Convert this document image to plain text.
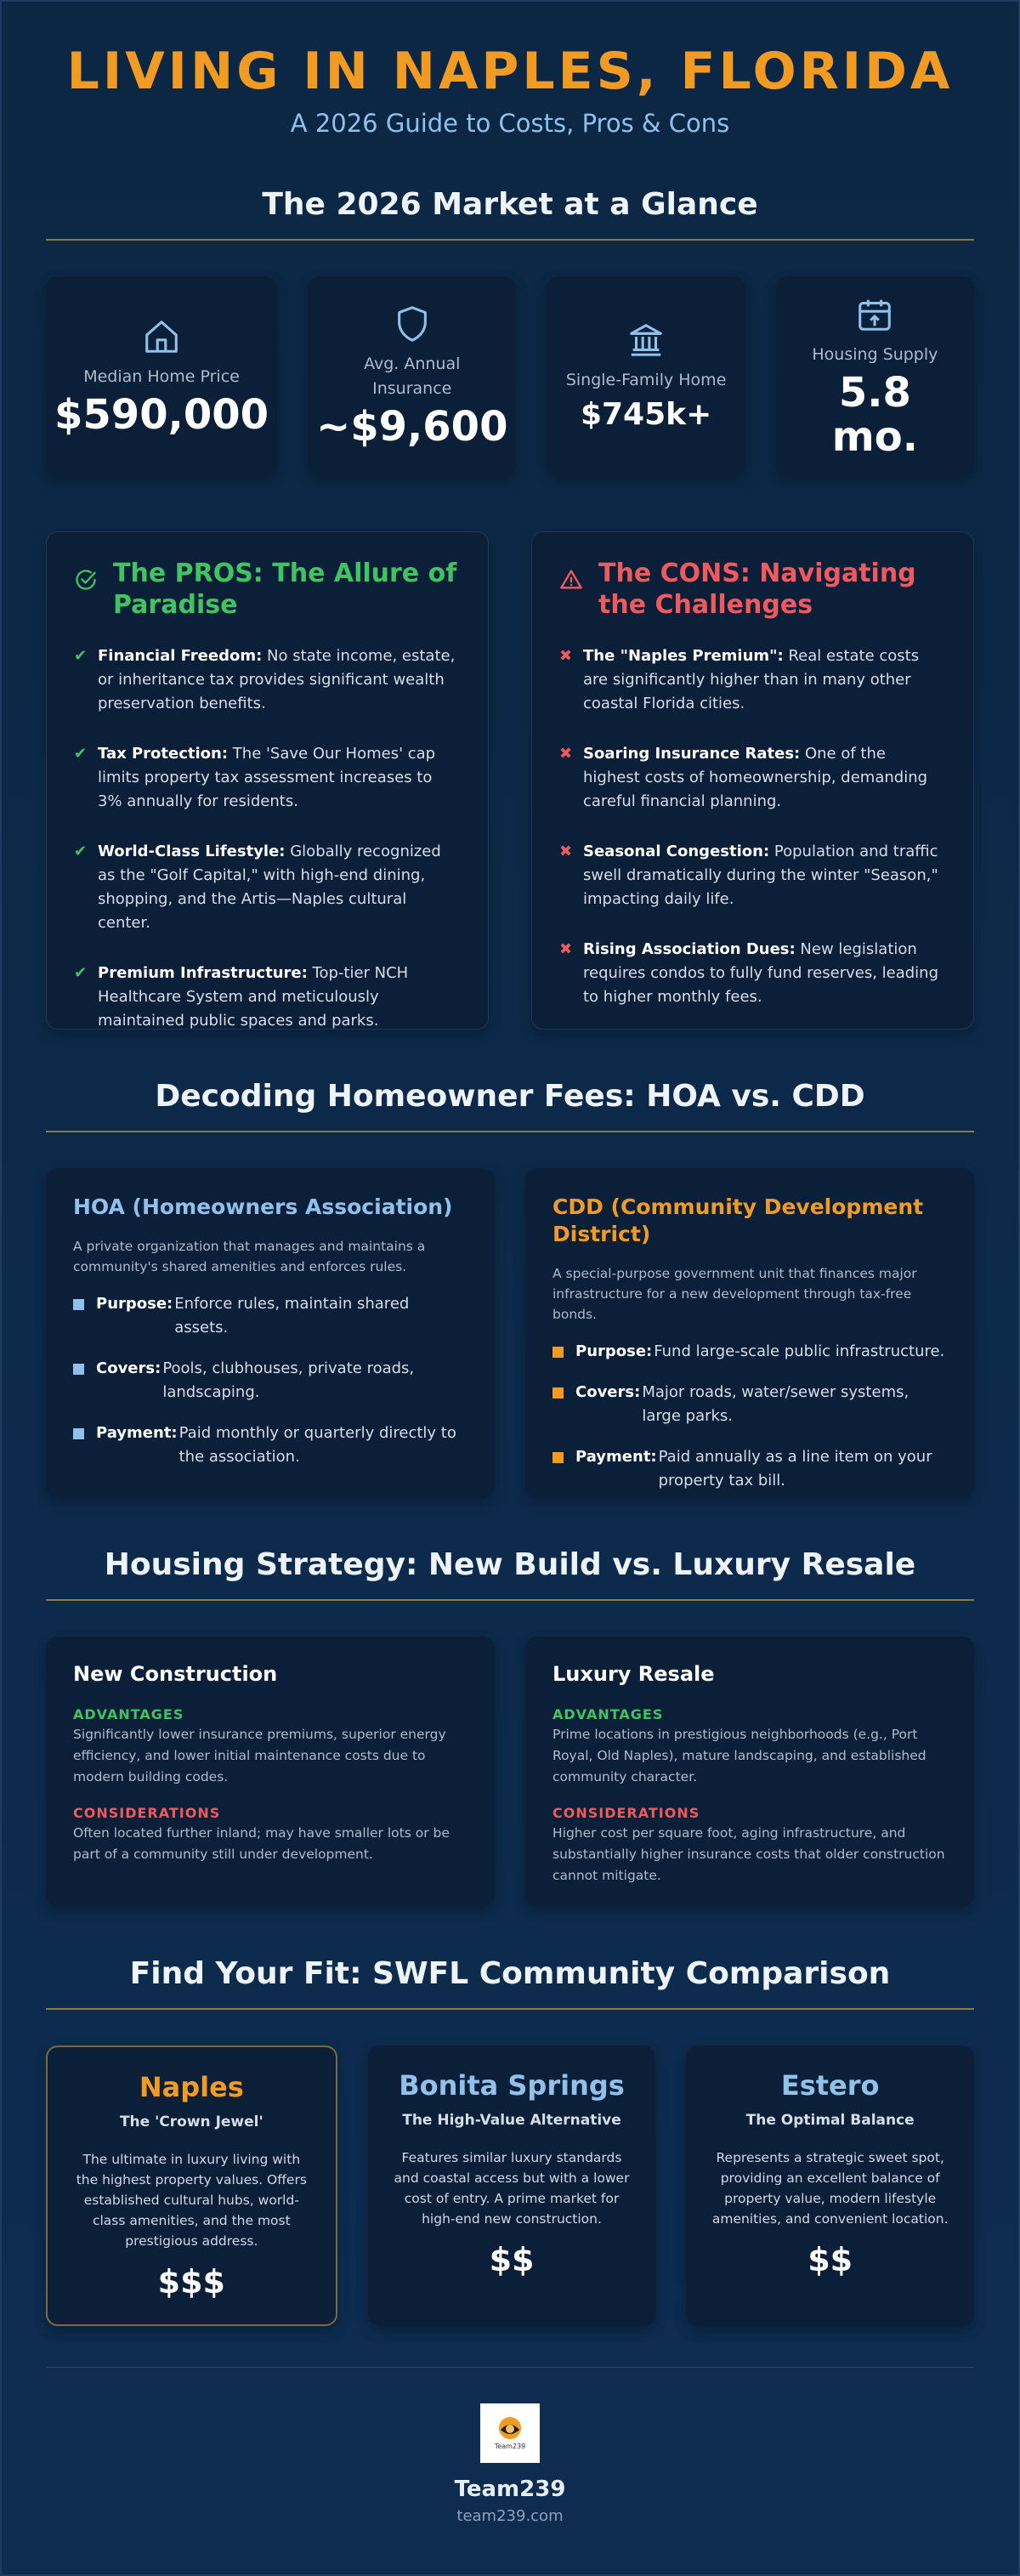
LIVING IN NAPLES, FLORIDA
A 2026 Guide to Costs, Pros & Cons
The 2026 Market at a Glance
Median Home Price
$590,000
Avg. Annual Insurance
~$9,600
Single-Family Home
$745k+
Housing Supply
5.8 mo.
The PROS: The Allure of Paradise
✔ Financial Freedom: No state income, estate, or inheritance tax provides significant wealth preservation benefits.
✔ Tax Protection: The 'Save Our Homes' cap limits property tax assessment increases to 3% annually for residents.
✔ World-Class Lifestyle: Globally recognized as the "Golf Capital," with high-end dining, shopping, and the Artis—Naples cultural center.
✔ Premium Infrastructure: Top-tier NCH Healthcare System and meticulously maintained public spaces and parks.
The CONS: Navigating the Challenges
✖ The "Naples Premium": Real estate costs are significantly higher than in many other coastal Florida cities.
✖ Soaring Insurance Rates: One of the highest costs of homeownership, demanding careful financial planning.
✖ Seasonal Congestion: Population and traffic swell dramatically during the winter "Season," impacting daily life.
✖ Rising Association Dues: New legislation requires condos to fully fund reserves, leading to higher monthly fees.
Decoding Homeowner Fees: HOA vs. CDD
HOA (Homeowners Association)
A private organization that manages and maintains a community's shared amenities and enforces rules.
Purpose: Enforce rules, maintain shared assets.
Covers: Pools, clubhouses, private roads, landscaping.
Payment: Paid monthly or quarterly directly to the association.
CDD (Community Development District)
A special-purpose government unit that finances major infrastructure for a new development through tax-free bonds.
Purpose: Fund large-scale public infrastructure.
Covers: Major roads, water/sewer systems, large parks.
Payment: Paid annually as a line item on your property tax bill.
Housing Strategy: New Build vs. Luxury Resale
New Construction
ADVANTAGES
Significantly lower insurance premiums, superior energy efficiency, and lower initial maintenance costs due to modern building codes.
CONSIDERATIONS
Often located further inland; may have smaller lots or be part of a community still under development.
Luxury Resale
ADVANTAGES
Prime locations in prestigious neighborhoods (e.g., Port Royal, Old Naples), mature landscaping, and established community character.
CONSIDERATIONS
Higher cost per square foot, aging infrastructure, and substantially higher insurance costs that older construction cannot mitigate.
Find Your Fit: SWFL Community Comparison
Naples
The 'Crown Jewel'
The ultimate in luxury living with the highest property values. Offers established cultural hubs, world-class amenities, and the most prestigious address.
$$$
Bonita Springs
The High-Value Alternative
Features similar luxury standards and coastal access but with a lower cost of entry. A prime market for high-end new construction.
$$
Estero
The Optimal Balance
Represents a strategic sweet spot, providing an excellent balance of property value, modern lifestyle amenities, and convenient location.
$$
Team239
Team239
team239.com
